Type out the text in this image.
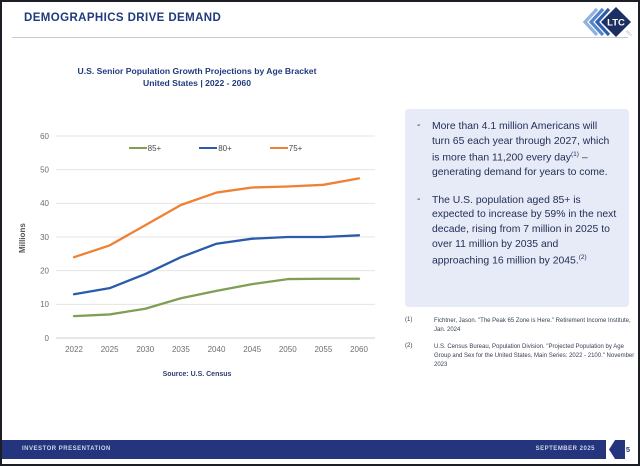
DEMOGRAPHICS DRIVE DEMAND	LTC
REIT
U.S. Senior Population Growth Projections by Age Bracket
United States | 2022 - 2060
0
10
20
30
40
50
60
2022 2025 2030 2035 2040 2045 2050 2055 2060
85+	80+	75+
Millions
Source: U.S. Census
-	More than 4.1 million Americans will turn 65 each year through 2027, which is more than 11,200 every day$^{(1)}$ – generating demand for years to come.
-	The U.S. population aged 85+ is expected to increase by 59% in the next decade, rising from 7 million in 2025 to over 11 million by 2035 and approaching 16 million by 2045.$^{(2)}$
(1)	Fichtner, Jason. "The Peak 65 Zone is Here." Retirement Income Institute, Jan. 2024
(2)	U.S. Census Bureau, Population Division. "Projected Population by Age Group and Sex for the United States, Main Series: 2022 - 2100." November 2023
INVESTOR PRESENTATION	SEPTEMBER 2025	5
